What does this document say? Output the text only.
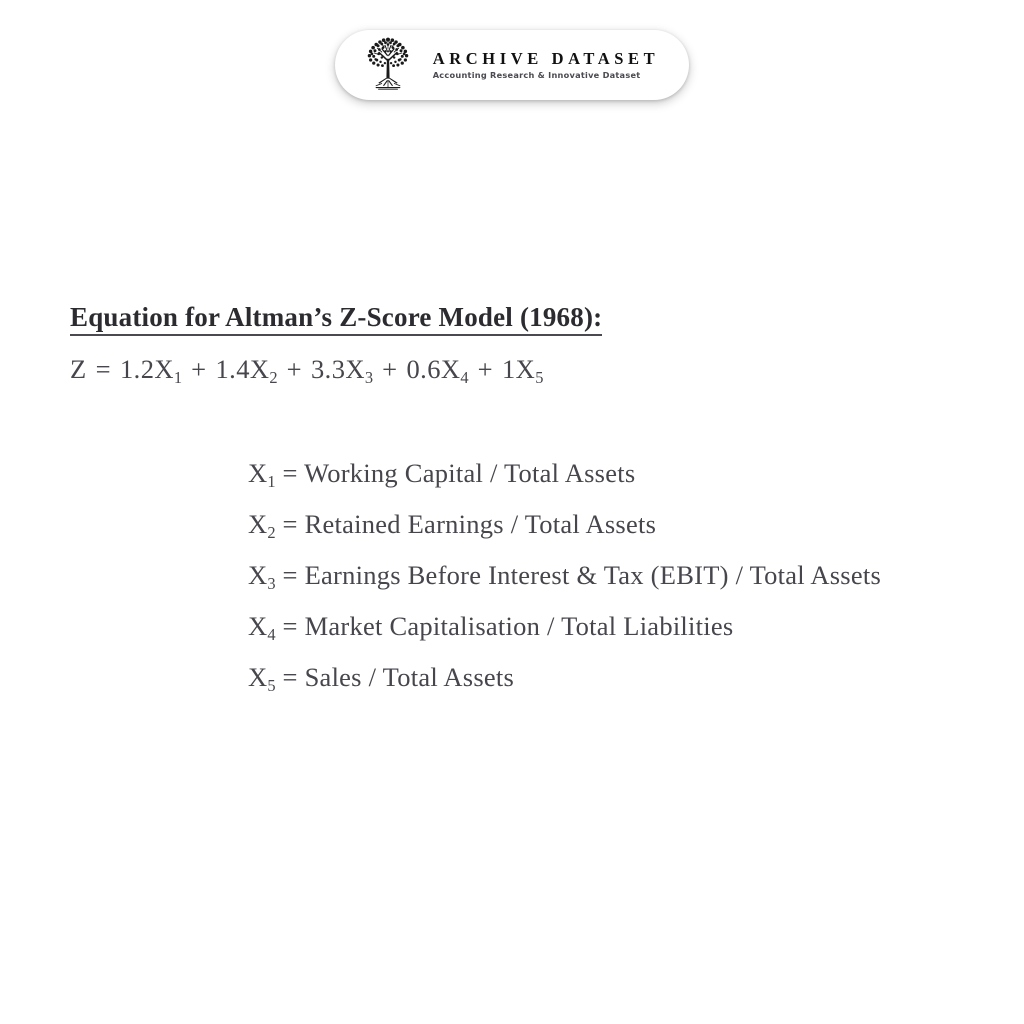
ARCHIVE DATASET
Accounting Research & Innovative Dataset
Equation for Altman’s Z-Score Model (1968):
$Z = 1.2X_1 + 1.4X_2 + 3.3X_3 + 0.6X_4 + 1X_5$
$X_1$ = Working Capital / Total Assets
$X_2$ = Retained Earnings / Total Assets
$X_3$ = Earnings Before Interest & Tax (EBIT) / Total Assets
$X_4$ = Market Capitalisation / Total Liabilities
$X_5$ = Sales / Total Assets
